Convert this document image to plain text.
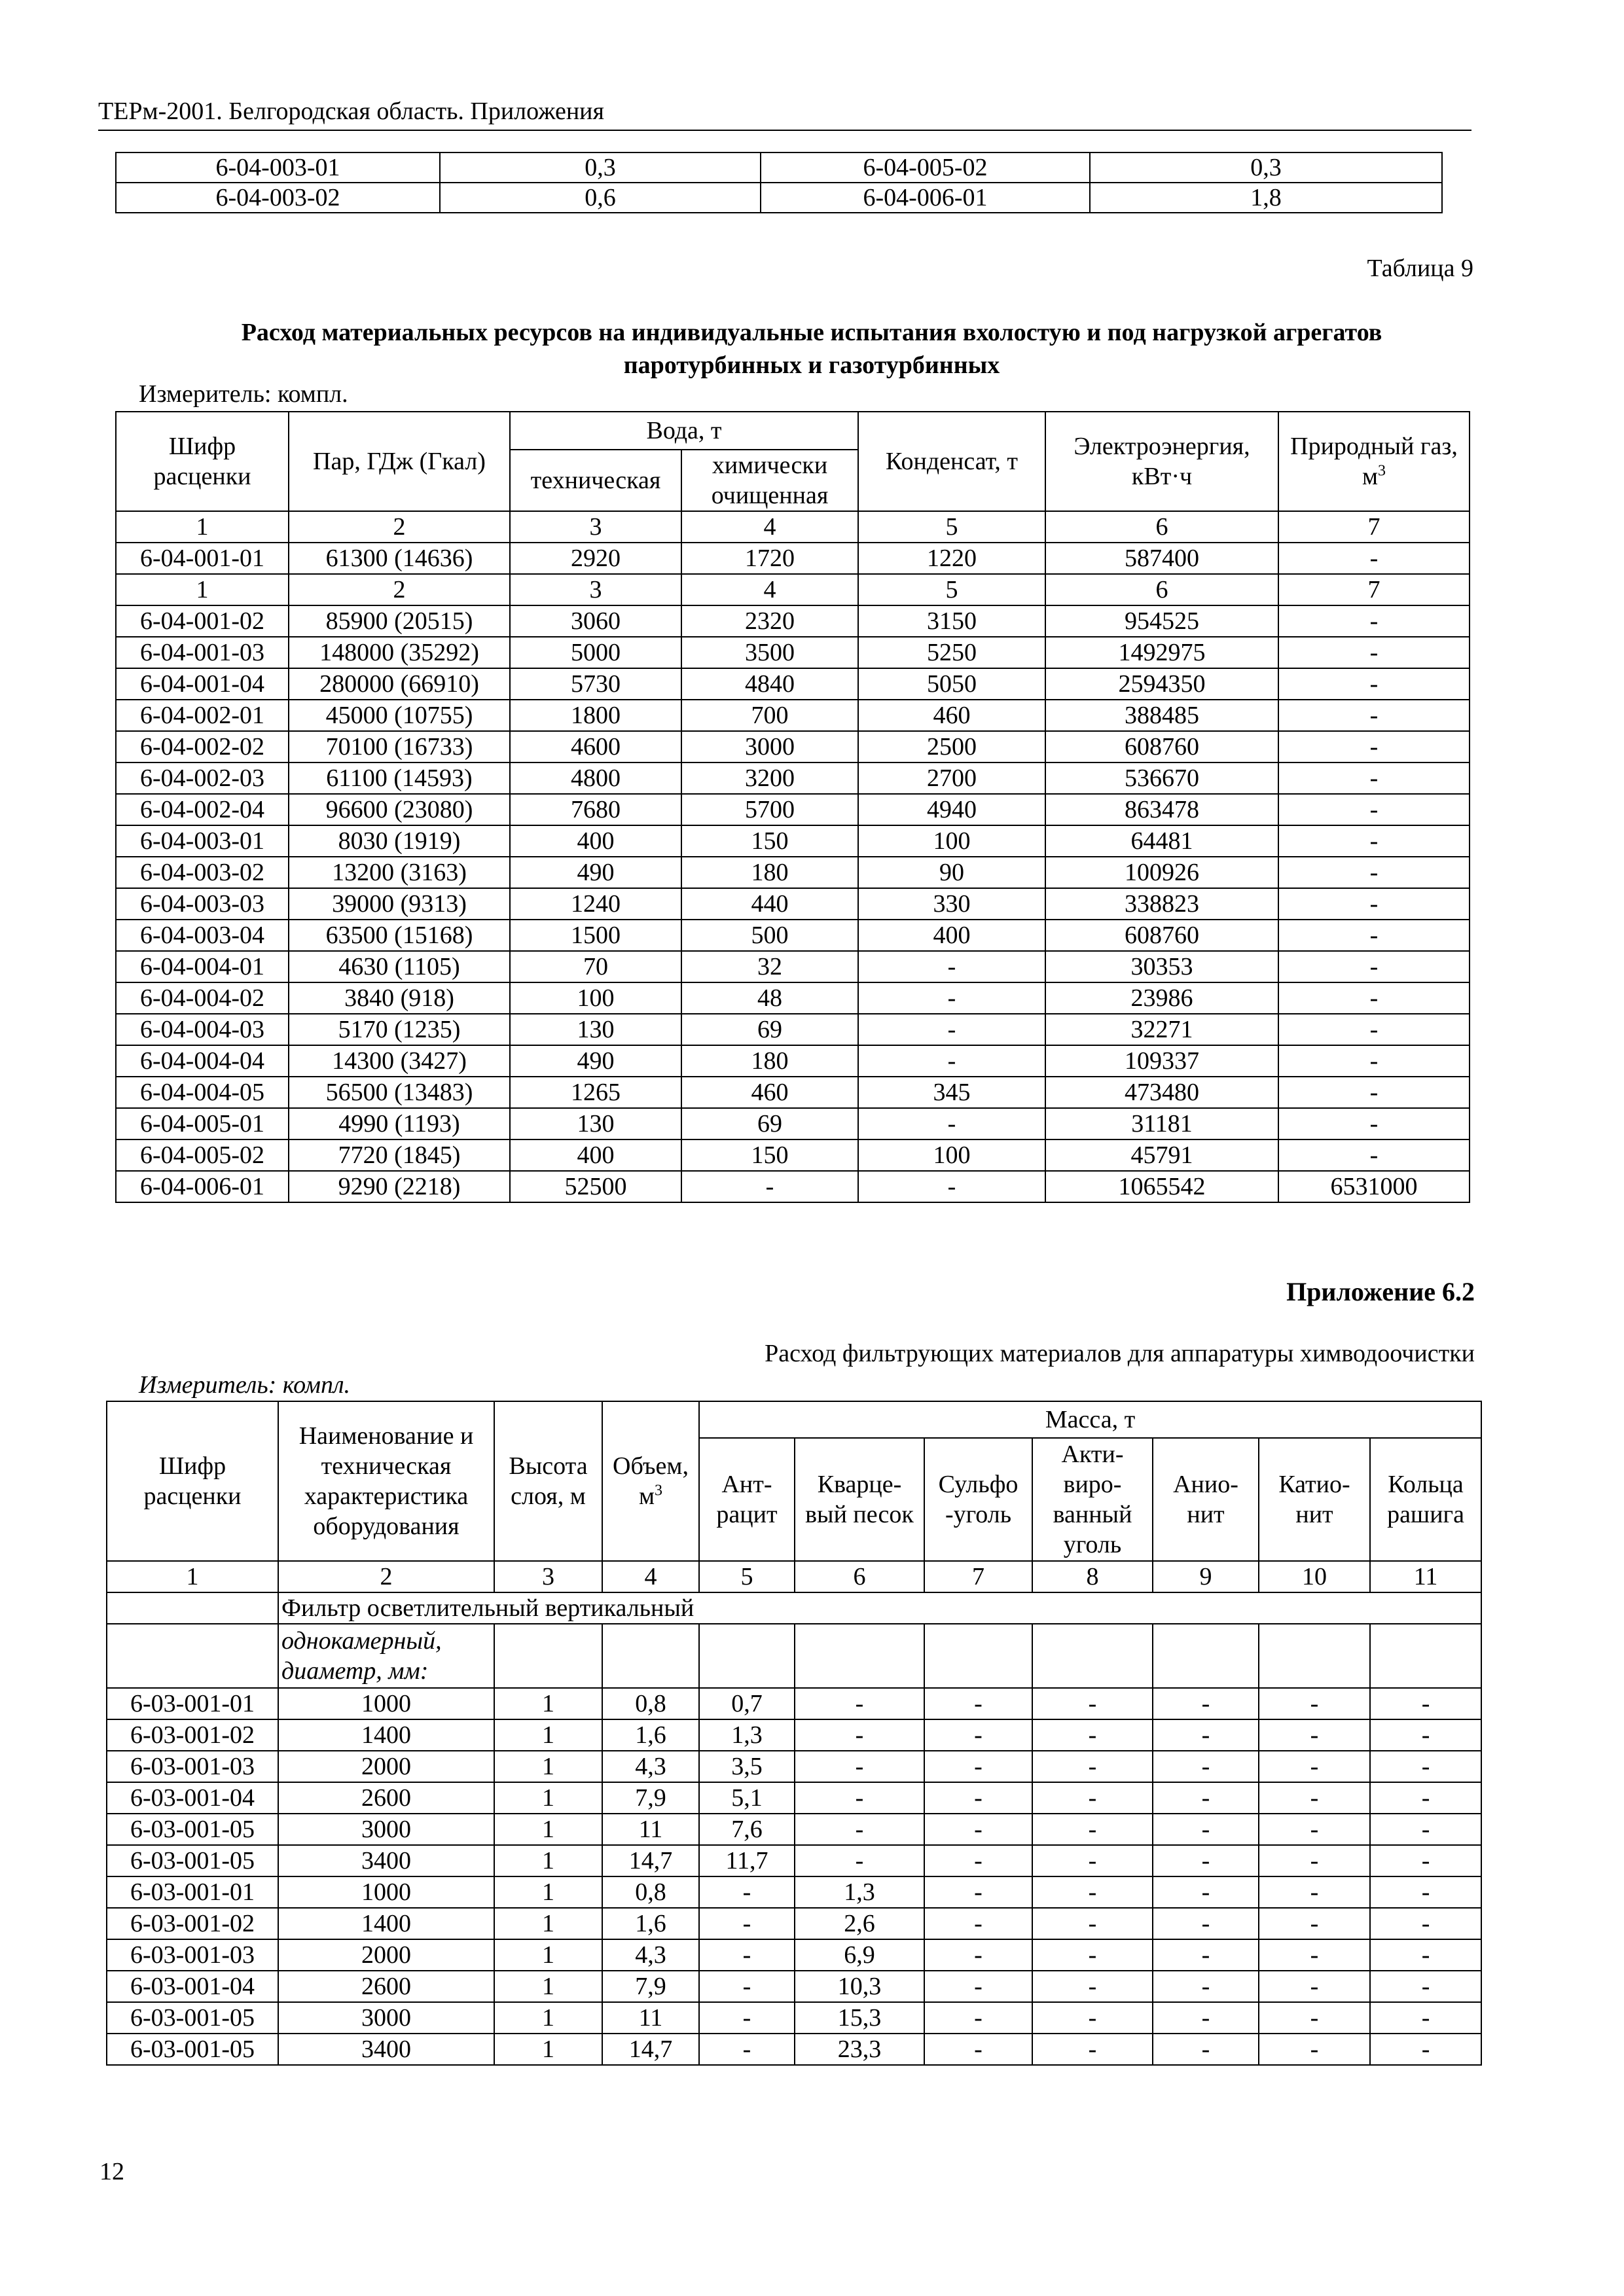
ТЕРм-2001. Белгородская область. Приложения
6-04-003-01	0,3	6-04-005-02	0,3
6-04-003-02	0,6	6-04-006-01	1,8
Таблица 9
Расход материальных ресурсов на индивидуальные испытания вхолостую и под нагрузкой агрегатов
паротурбинных и газотурбинных
Измеритель: компл.
Шифр расценки	Пар, ГДж (Гкал)	Вода, т		Конденсат, т	Электроэнергия, кВт·ч	Природный газ, $м^3$
		техническая	химически очищенная			
1	2	3	4	5	6	7
6-04-001-01	61300 (14636)	2920	1720	1220	587400	-
1	2	3	4	5	6	7
6-04-001-02	85900 (20515)	3060	2320	3150	954525	-
6-04-001-03	148000 (35292)	5000	3500	5250	1492975	-
6-04-001-04	280000 (66910)	5730	4840	5050	2594350	-
6-04-002-01	45000 (10755)	1800	700	460	388485	-
6-04-002-02	70100 (16733)	4600	3000	2500	608760	-
6-04-002-03	61100 (14593)	4800	3200	2700	536670	-
6-04-002-04	96600 (23080)	7680	5700	4940	863478	-
6-04-003-01	8030 (1919)	400	150	100	64481	-
6-04-003-02	13200 (3163)	490	180	90	100926	-
6-04-003-03	39000 (9313)	1240	440	330	338823	-
6-04-003-04	63500 (15168)	1500	500	400	608760	-
6-04-004-01	4630 (1105)	70	32	-	30353	-
6-04-004-02	3840 (918)	100	48	-	23986	-
6-04-004-03	5170 (1235)	130	69	-	32271	-
6-04-004-04	14300 (3427)	490	180	-	109337	-
6-04-004-05	56500 (13483)	1265	460	345	473480	-
6-04-005-01	4990 (1193)	130	69	-	31181	-
6-04-005-02	7720 (1845)	400	150	100	45791	-
6-04-006-01	9290 (2218)	52500	-	-	1065542	6531000
Приложение 6.2
Расход фильтрующих материалов для аппаратуры химводоочистки
Измеритель: компл.
Шифр расценки	Наименование и техническая характеристика оборудования	Высота слоя, м	Объем, $м^3$	Масса, т						
				Ант- рацит	Кварце- вый песок	Сульфо -уголь	Акти- виро- ванный уголь	Анио- нит	Катио- нит	Кольца рашига
1	2	3	4	5	6	7	8	9	10	11
	Фильтр осветлительный вертикальный									

	однокамерный,
диаметр, мм:									

6-03-001-01	1000	1	0,8	0,7	-	-	-	-	-	-
6-03-001-02	1400	1	1,6	1,3	-	-	-	-	-	-
6-03-001-03	2000	1	4,3	3,5	-	-	-	-	-	-
6-03-001-04	2600	1	7,9	5,1	-	-	-	-	-	-
6-03-001-05	3000	1	11	7,6	-	-	-	-	-	-
6-03-001-05	3400	1	14,7	11,7	-	-	-	-	-	-
6-03-001-01	1000	1	0,8	-	1,3	-	-	-	-	-
6-03-001-02	1400	1	1,6	-	2,6	-	-	-	-	-
6-03-001-03	2000	1	4,3	-	6,9	-	-	-	-	-
6-03-001-04	2600	1	7,9	-	10,3	-	-	-	-	-
6-03-001-05	3000	1	11	-	15,3	-	-	-	-	-
6-03-001-05	3400	1	14,7	-	23,3	-	-	-	-	-
12
